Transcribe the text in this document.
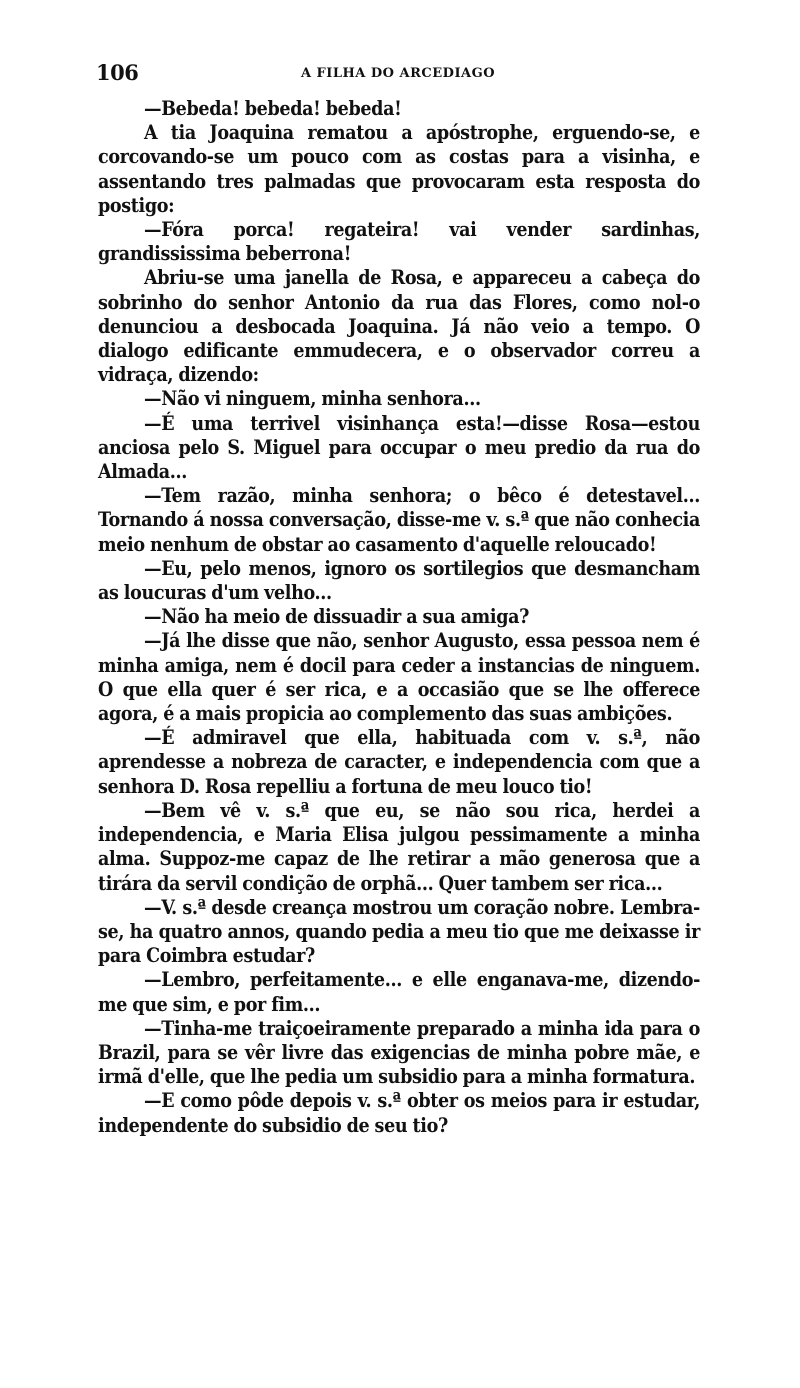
106	A FILHA DO ARCEDIAGO

—Bebeda! bebeda! bebeda!

A tia Joaquina rematou a apóstrophe, erguendo-se, e corcovando-se um pouco com as costas para a visinha, e assentando tres palmadas que provocaram esta resposta do postigo:

—Fóra porca! regateira! vai vender sardinhas, grandississima beberrona!

Abriu-se uma janella de Rosa, e appareceu a cabeça do sobrinho do senhor Antonio da rua das Flores, como nol-o denunciou a desbocada Joaquina. Já não veio a tempo. O dialogo edificante emmudecera, e o observador correu a vidraça, dizendo:

—Não vi ninguem, minha senhora...

—É uma terrivel visinhança esta!—disse Rosa—estou anciosa pelo S. Miguel para occupar o meu predio da rua do Almada...

—Tem razão, minha senhora; o bêco é detestavel... Tornando á nossa conversação, disse-me v. s.ª que não conhecia meio nenhum de obstar ao casamento d'aquelle reloucado!

—Eu, pelo menos, ignoro os sortilegios que desmancham as loucuras d'um velho...

—Não ha meio de dissuadir a sua amiga?

—Já lhe disse que não, senhor Augusto, essa pessoa nem é minha amiga, nem é docil para ceder a instancias de ninguem. O que ella quer é ser rica, e a occasião que se lhe offerece agora, é a mais propicia ao complemento das suas ambições.

—É admiravel que ella, habituada com v. s.ª, não aprendesse a nobreza de caracter, e independencia com que a senhora D. Rosa repelliu a fortuna de meu louco tio!

—Bem vê v. s.ª que eu, se não sou rica, herdei a independencia, e Maria Elisa julgou pessimamente a minha alma. Suppoz-me capaz de lhe retirar a mão generosa que a tirára da servil condição de orphã... Quer tambem ser rica...

—V. s.ª desde creança mostrou um coração nobre. Lembra-se, ha quatro annos, quando pedia a meu tio que me deixasse ir para Coimbra estudar?

—Lembro, perfeitamente... e elle enganava-me, dizendo-me que sim, e por fim...

—Tinha-me traiçoeiramente preparado a minha ida para o Brazil, para se vêr livre das exigencias de minha pobre mãe, e irmã d'elle, que lhe pedia um subsidio para a minha formatura.

—E como pôde depois v. s.ª obter os meios para ir estudar, independente do subsidio de seu tio?
